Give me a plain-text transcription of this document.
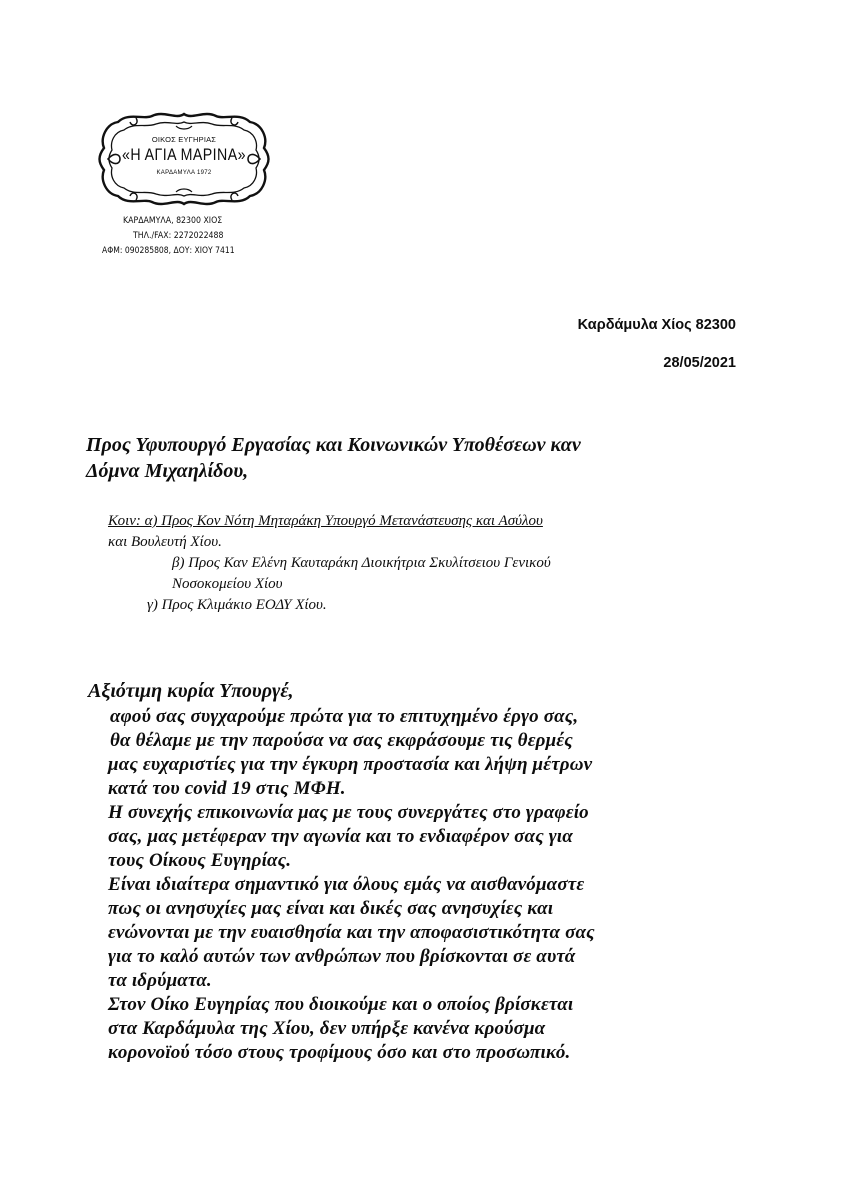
ΟΙΚΟΣ ΕΥΓΗΡΙΑΣ
«Η ΑΓΙΑ ΜΑΡΙΝΑ»
ΚΑΡΔΑΜΥΛΑ 1972
ΚΑΡΔΑΜΥΛΑ, 82300 ΧΙΟΣ
ΤΗΛ./FAX: 2272022488
ΑΦΜ: 090285808, ΔΟΥ: ΧΙΟΥ 7411
Καρδάμυλα Χίος 82300
28/05/2021
Προς Υφυπουργό Εργασίας και Κοινωνικών Υποθέσεων καν
Δόμνα Μιχαηλίδου,
Κοιν: α) Προς Κον Νότη Μηταράκη Υπουργό Μετανάστευσης και Ασύλου
και Βουλευτή Χίου.
β) Προς Καν Ελένη Καυταράκη Διοικήτρια Σκυλίτσειου Γενικού
Νοσοκομείου Χίου
γ) Προς Κλιμάκιο ΕΟΔΥ Χίου.
Αξιότιμη κυρία Υπουργέ,
αφού σας συγχαρούμε πρώτα για το επιτυχημένο έργο σας,
θα θέλαμε με την παρούσα να σας εκφράσουμε τις θερμές
μας ευχαριστίες για την έγκυρη προστασία και λήψη μέτρων
κατά του covid 19 στις ΜΦΗ.
Η συνεχής επικοινωνία μας με τους συνεργάτες στο γραφείο
σας, μας μετέφεραν την αγωνία και το ενδιαφέρον σας για
τους Οίκους Ευγηρίας.
Είναι ιδιαίτερα σημαντικό για όλους εμάς να αισθανόμαστε
πως οι ανησυχίες μας είναι και δικές σας ανησυχίες και
ενώνονται με την ευαισθησία και την αποφασιστικότητα σας
για το καλό αυτών των ανθρώπων που βρίσκονται σε αυτά
τα ιδρύματα.
Στον Οίκο Ευγηρίας που διοικούμε και ο οποίος βρίσκεται
στα Καρδάμυλα της Χίου, δεν υπήρξε κανένα κρούσμα
κορονοϊού τόσο στους τροφίμους όσο και στο προσωπικό.
